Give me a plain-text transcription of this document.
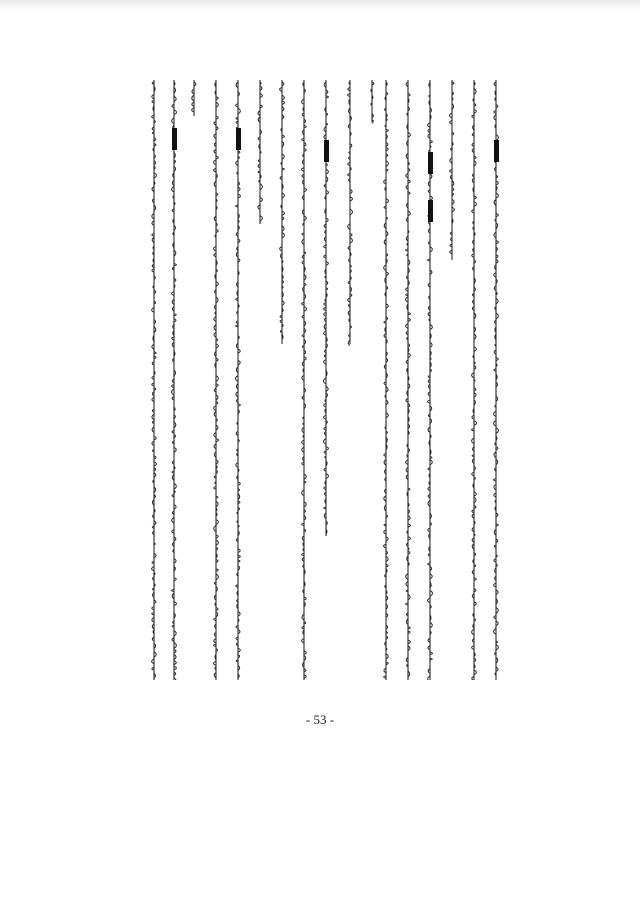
- 53 -
